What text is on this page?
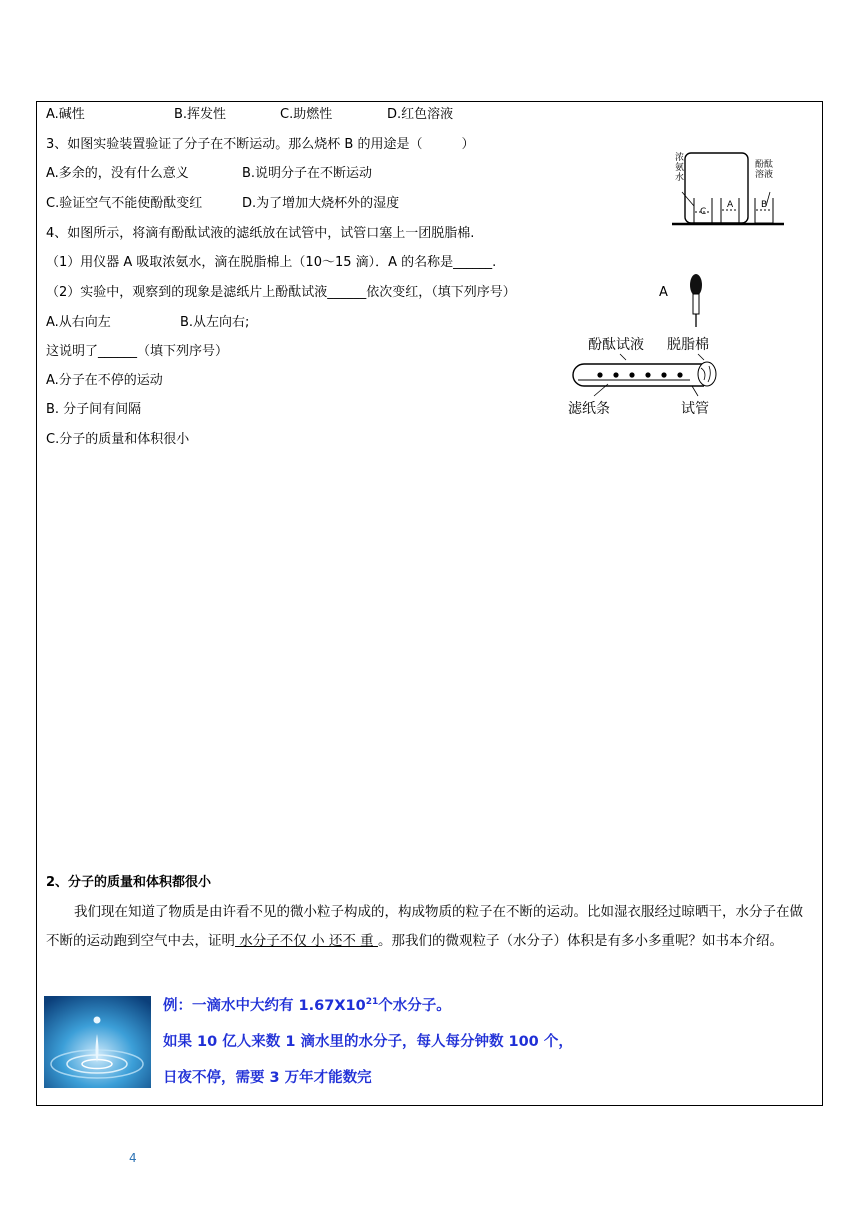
A.碱性	B.挥发性	C.助燃性	D.红色溶液
3、如图实验装置验证了分子在不断运动。那么烧杯 B 的用途是（　　　）
A.多余的，没有什么意义	B.说明分子在不断运动
C.验证空气不能使酚酞变红	D.为了增加大烧杯外的湿度
浓氨水
酚酞溶液
C
A	B
4、如图所示，将滴有酚酞试液的滤纸放在试管中，试管口塞上一团脱脂棉.
（1）用仪器 A 吸取浓氨水，滴在脱脂棉上（10～15 滴）．A 的名称是______.
（2）实验中，观察到的现象是滤纸片上酚酞试液______依次变红，（填下列序号）
A.从右向左	B.从左向右;
这说明了______（填下列序号）
A.分子在不停的运动
B. 分子间有间隔
C.分子的质量和体积很小
A
酚酞试液 脱脂棉
滤纸条	试管
2、分子的质量和体积都很小
我们现在知道了物质是由许看不见的微小粒子构成的，构成物质的粒子在不断的运动。比如湿衣服经过晾晒干，水分子在做不断的运动跑到空气中去，证明 水分子不仅 小 还不 重 。那我们的微观粒子（水分子）体积是有多小多重呢？如书本介绍。
例：一滴水中大约有 $1.67X10^{21}$个水分子。
如果 10 亿人来数 1 滴水里的水分子，每人每分钟数 100 个，
日夜不停，需要 3 万年才能数完
4
